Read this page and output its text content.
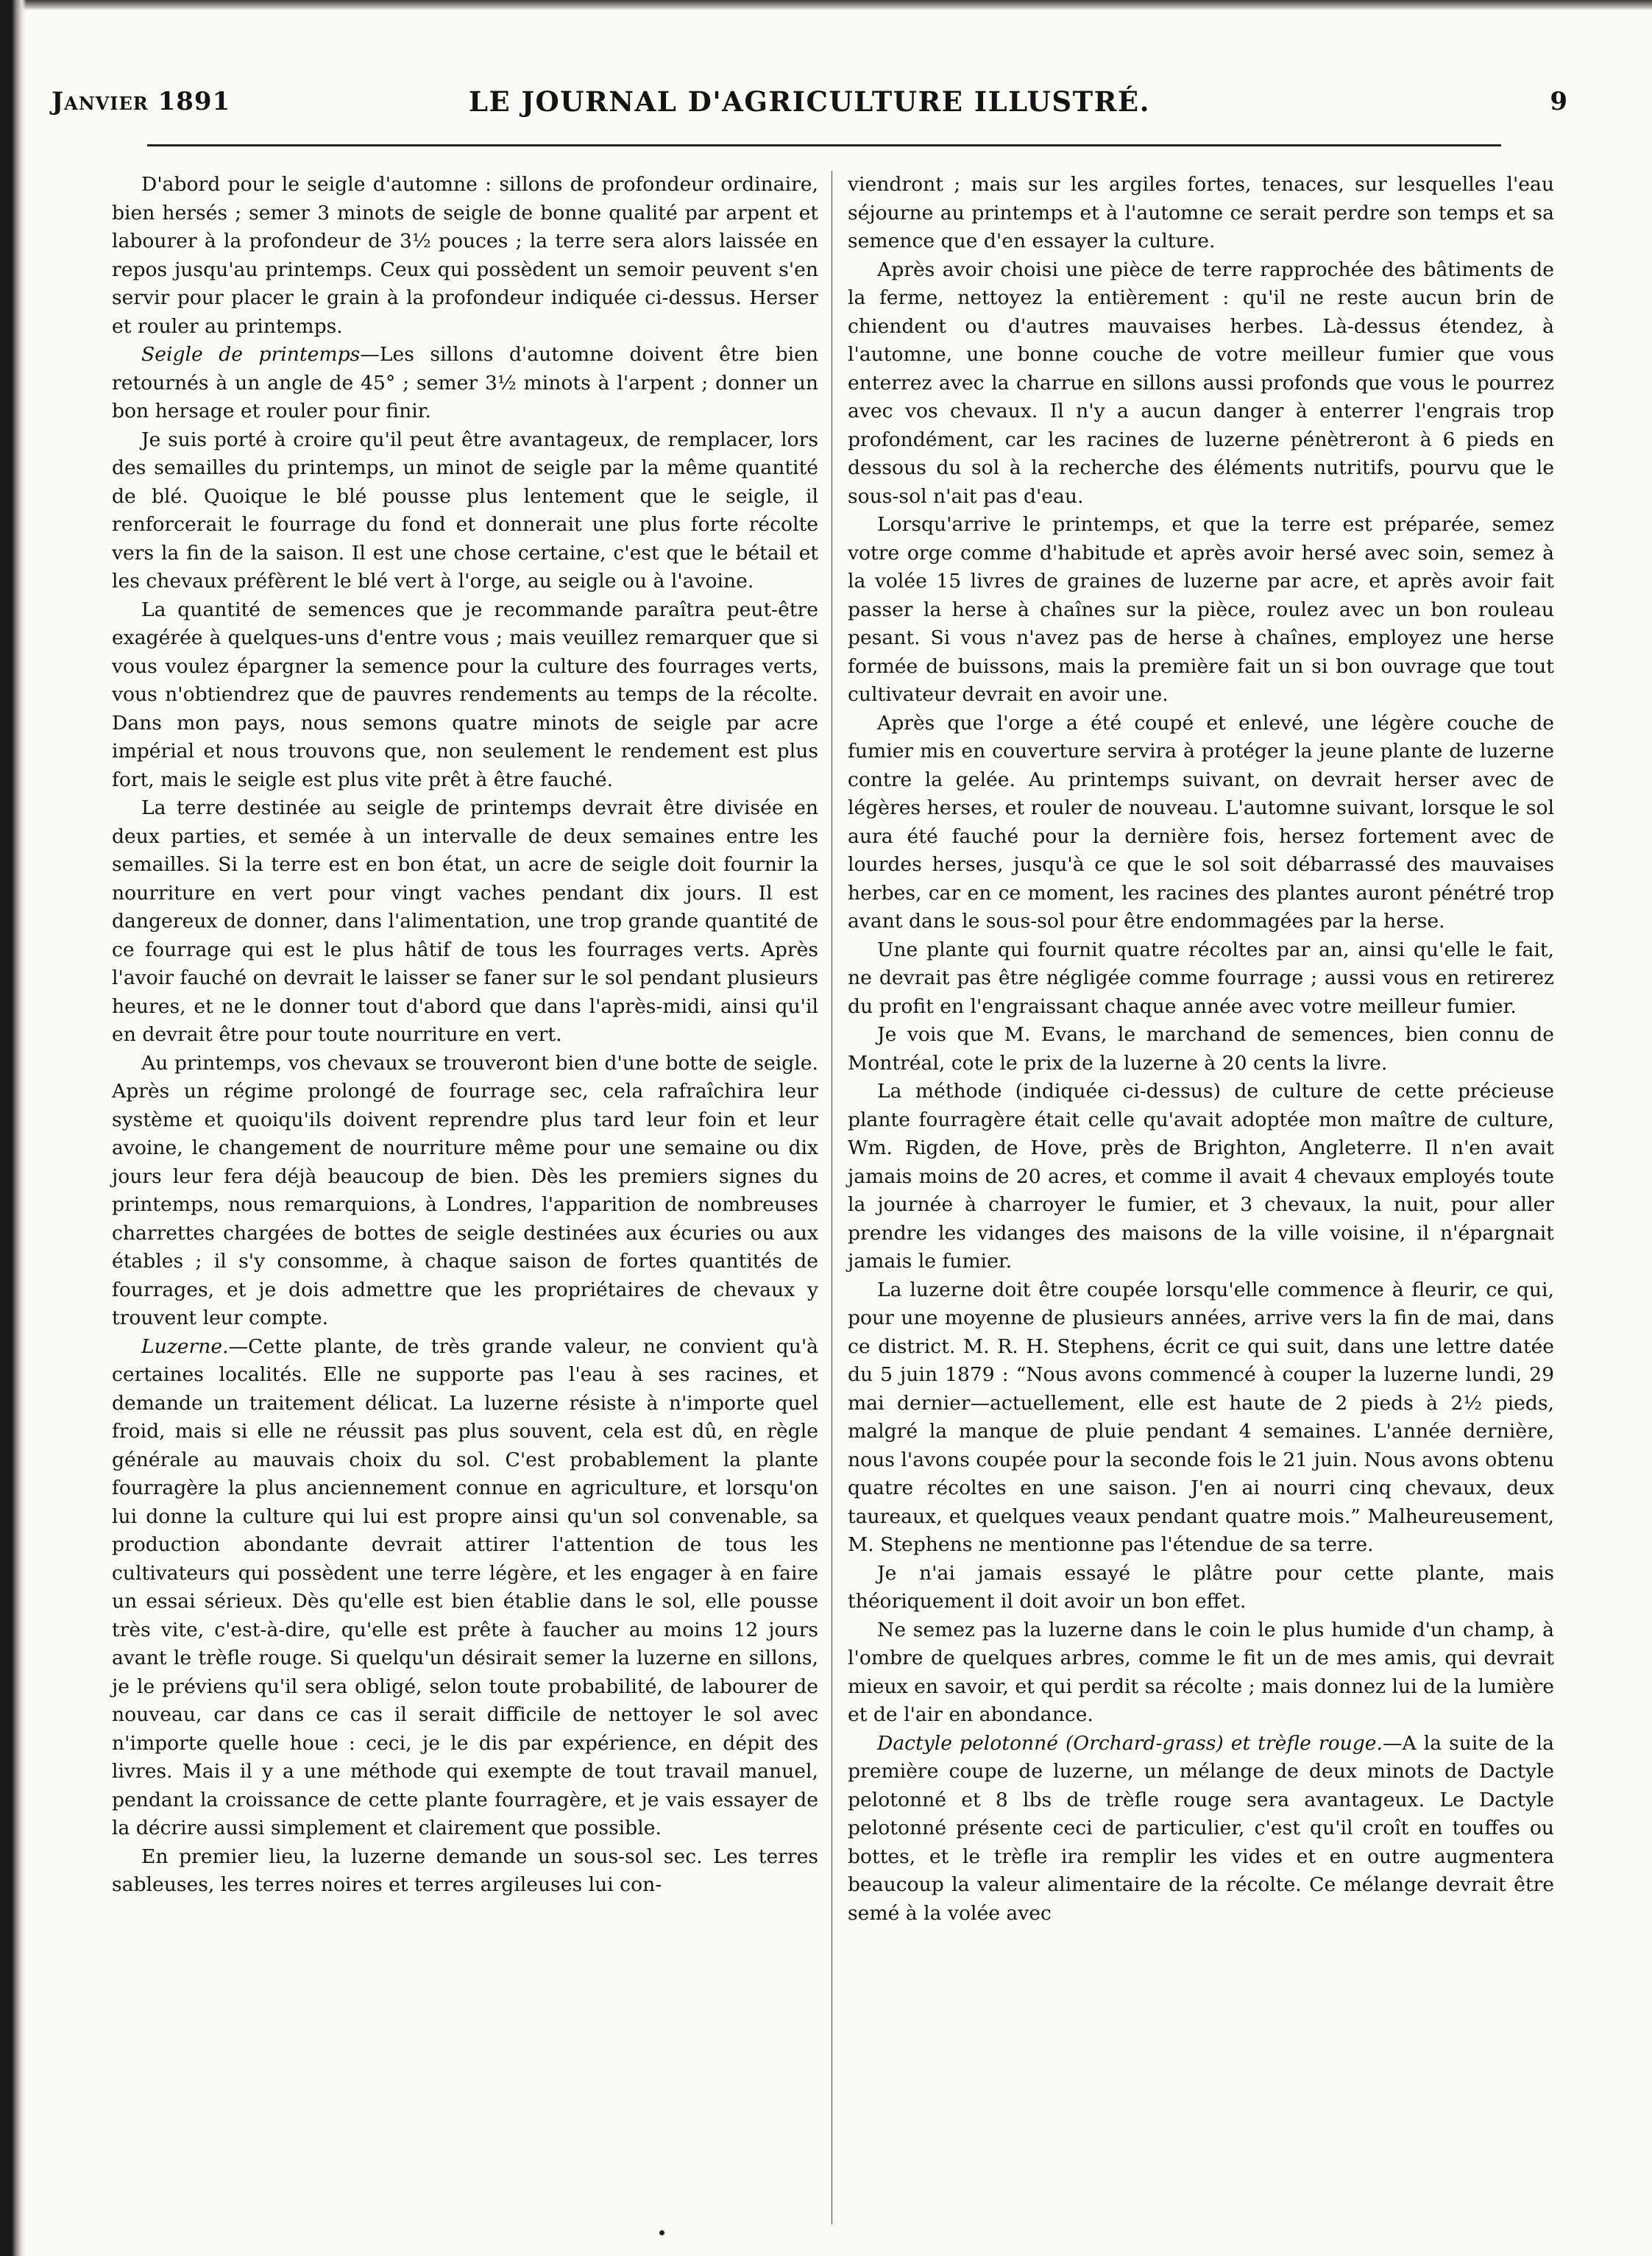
Janvier 1891	LE JOURNAL D'AGRICULTURE ILLUSTRÉ.	9

D'abord pour le seigle d'automne : sillons de profondeur ordinaire, bien hersés ; semer 3 minots de seigle de bonne qualité par arpent et labourer à la profondeur de 3½ pouces ; la terre sera alors laissée en repos jusqu'au printemps. Ceux qui possèdent un semoir peuvent s'en servir pour placer le grain à la profondeur indiquée ci-dessus. Herser et rouler au printemps.

Seigle de printemps—Les sillons d'automne doivent être bien retournés à un angle de 45° ; semer 3½ minots à l'arpent ; donner un bon hersage et rouler pour finir.

Je suis porté à croire qu'il peut être avantageux, de remplacer, lors des semailles du printemps, un minot de seigle par la même quantité de blé. Quoique le blé pousse plus lentement que le seigle, il renforcerait le fourrage du fond et donnerait une plus forte récolte vers la fin de la saison. Il est une chose certaine, c'est que le bétail et les chevaux préfèrent le blé vert à l'orge, au seigle ou à l'avoine.

La quantité de semences que je recommande paraîtra peut-être exagérée à quelques-uns d'entre vous ; mais veuillez remarquer que si vous voulez épargner la semence pour la culture des fourrages verts, vous n'obtiendrez que de pauvres rendements au temps de la récolte. Dans mon pays, nous semons quatre minots de seigle par acre impérial et nous trouvons que, non seulement le rendement est plus fort, mais le seigle est plus vite prêt à être fauché.

La terre destinée au seigle de printemps devrait être divisée en deux parties, et semée à un intervalle de deux semaines entre les semailles. Si la terre est en bon état, un acre de seigle doit fournir la nourriture en vert pour vingt vaches pendant dix jours. Il est dangereux de donner, dans l'alimentation, une trop grande quantité de ce fourrage qui est le plus hâtif de tous les fourrages verts. Après l'avoir fauché on devrait le laisser se faner sur le sol pendant plusieurs heures, et ne le donner tout d'abord que dans l'après-midi, ainsi qu'il en devrait être pour toute nourriture en vert.

Au printemps, vos chevaux se trouveront bien d'une botte de seigle. Après un régime prolongé de fourrage sec, cela rafraîchira leur système et quoiqu'ils doivent reprendre plus tard leur foin et leur avoine, le changement de nourriture même pour une semaine ou dix jours leur fera déjà beaucoup de bien. Dès les premiers signes du printemps, nous remarquions, à Londres, l'apparition de nombreuses charrettes chargées de bottes de seigle destinées aux écuries ou aux étables ; il s'y consomme, à chaque saison de fortes quantités de fourrages, et je dois admettre que les propriétaires de chevaux y trouvent leur compte.

Luzerne.—Cette plante, de très grande valeur, ne convient qu'à certaines localités. Elle ne supporte pas l'eau à ses racines, et demande un traitement délicat. La luzerne résiste à n'importe quel froid, mais si elle ne réussit pas plus souvent, cela est dû, en règle générale au mauvais choix du sol. C'est probablement la plante fourragère la plus anciennement connue en agriculture, et lorsqu'on lui donne la culture qui lui est propre ainsi qu'un sol convenable, sa production abondante devrait attirer l'attention de tous les cultivateurs qui possèdent une terre légère, et les engager à en faire un essai sérieux. Dès qu'elle est bien établie dans le sol, elle pousse très vite, c'est-à-dire, qu'elle est prête à faucher au moins 12 jours avant le trèfle rouge. Si quelqu'un désirait semer la luzerne en sillons, je le préviens qu'il sera obligé, selon toute probabilité, de labourer de nouveau, car dans ce cas il serait difficile de nettoyer le sol avec n'importe quelle houe : ceci, je le dis par expérience, en dépit des livres. Mais il y a une méthode qui exempte de tout travail manuel, pendant la croissance de cette plante fourragère, et je vais essayer de la décrire aussi simplement et clairement que possible.

En premier lieu, la luzerne demande un sous-sol sec. Les terres sableuses, les terres noires et terres argileuses lui con-

viendront ; mais sur les argiles fortes, tenaces, sur lesquelles l'eau séjourne au printemps et à l'automne ce serait perdre son temps et sa semence que d'en essayer la culture.

Après avoir choisi une pièce de terre rapprochée des bâtiments de la ferme, nettoyez la entièrement : qu'il ne reste aucun brin de chiendent ou d'autres mauvaises herbes. Là-dessus étendez, à l'automne, une bonne couche de votre meilleur fumier que vous enterrez avec la charrue en sillons aussi profonds que vous le pourrez avec vos chevaux. Il n'y a aucun danger à enterrer l'engrais trop profondément, car les racines de luzerne pénètreront à 6 pieds en dessous du sol à la recherche des éléments nutritifs, pourvu que le sous-sol n'ait pas d'eau.

Lorsqu'arrive le printemps, et que la terre est préparée, semez votre orge comme d'habitude et après avoir hersé avec soin, semez à la volée 15 livres de graines de luzerne par acre, et après avoir fait passer la herse à chaînes sur la pièce, roulez avec un bon rouleau pesant. Si vous n'avez pas de herse à chaînes, employez une herse formée de buissons, mais la première fait un si bon ouvrage que tout cultivateur devrait en avoir une.

Après que l'orge a été coupé et enlevé, une légère couche de fumier mis en couverture servira à protéger la jeune plante de luzerne contre la gelée. Au printemps suivant, on devrait herser avec de légères herses, et rouler de nouveau. L'automne suivant, lorsque le sol aura été fauché pour la dernière fois, hersez fortement avec de lourdes herses, jusqu'à ce que le sol soit débarrassé des mauvaises herbes, car en ce moment, les racines des plantes auront pénétré trop avant dans le sous-sol pour être endommagées par la herse.

Une plante qui fournit quatre récoltes par an, ainsi qu'elle le fait, ne devrait pas être négligée comme fourrage ; aussi vous en retirerez du profit en l'engraissant chaque année avec votre meilleur fumier.

Je vois que M. Evans, le marchand de semences, bien connu de Montréal, cote le prix de la luzerne à 20 cents la livre.

La méthode (indiquée ci-dessus) de culture de cette précieuse plante fourragère était celle qu'avait adoptée mon maître de culture, Wm. Rigden, de Hove, près de Brighton, Angleterre. Il n'en avait jamais moins de 20 acres, et comme il avait 4 chevaux employés toute la journée à charroyer le fumier, et 3 chevaux, la nuit, pour aller prendre les vidanges des maisons de la ville voisine, il n'épargnait jamais le fumier.

La luzerne doit être coupée lorsqu'elle commence à fleurir, ce qui, pour une moyenne de plusieurs années, arrive vers la fin de mai, dans ce district. M. R. H. Stephens, écrit ce qui suit, dans une lettre datée du 5 juin 1879 : “Nous avons commencé à couper la luzerne lundi, 29 mai dernier—actuellement, elle est haute de 2 pieds à 2½ pieds, malgré la manque de pluie pendant 4 semaines. L'année dernière, nous l'avons coupée pour la seconde fois le 21 juin. Nous avons obtenu quatre récoltes en une saison. J'en ai nourri cinq chevaux, deux taureaux, et quelques veaux pendant quatre mois.” Malheureusement, M. Stephens ne mentionne pas l'étendue de sa terre.

Je n'ai jamais essayé le plâtre pour cette plante, mais théoriquement il doit avoir un bon effet.

Ne semez pas la luzerne dans le coin le plus humide d'un champ, à l'ombre de quelques arbres, comme le fit un de mes amis, qui devrait mieux en savoir, et qui perdit sa récolte ; mais donnez lui de la lumière et de l'air en abondance.

Dactyle pelotonné (Orchard-grass) et trèfle rouge.—A la suite de la première coupe de luzerne, un mélange de deux minots de Dactyle pelotonné et 8 lbs de trèfle rouge sera avantageux. Le Dactyle pelotonné présente ceci de particulier, c'est qu'il croît en touffes ou bottes, et le trèfle ira remplir les vides et en outre augmentera beaucoup la valeur alimentaire de la récolte. Ce mélange devrait être semé à la volée avec
